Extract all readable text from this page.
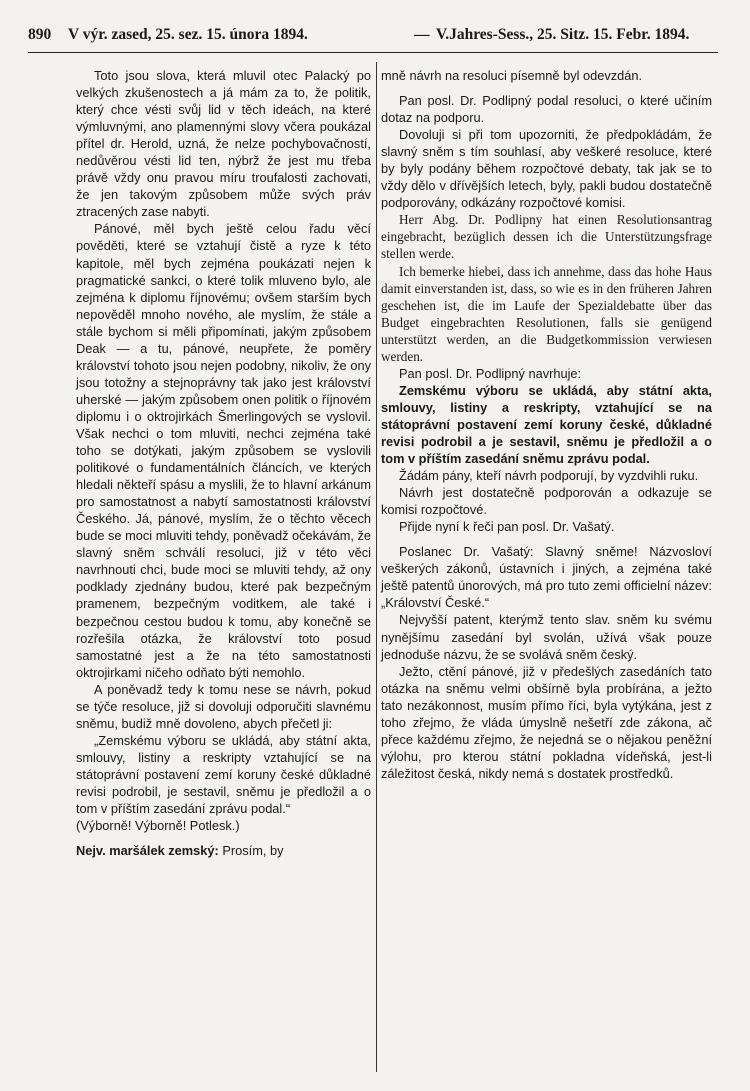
890 V výr. zased, 25. sez. 15. února 1894.	— V.Jahres-Sess., 25. Sitz. 15. Febr. 1894.

Toto jsou slova, která mluvil otec Palacký po velkých zkušenostech a já mám za to, že politik, který chce vésti svůj lid v těch ideách, na které výmluvnými, ano plamennými slovy včera poukázal přítel dr. Herold, uzná, že nelze pochybovačností, nedůvěrou vésti lid ten, nýbrž že jest mu třeba právě vždy onu pravou míru troufalosti zachovati, že jen takovým způsobem může svých práv ztracených zase nabyti.

Pánové, měl bych ještě celou řadu věcí pověděti, které se vztahují čistě a ryze k této kapitole, měl bych zejména poukázati nejen k pragmatické sankci, o které tolik mluveno bylo, ale zejména k diplomu říjnovému; ovšem starším bych nepověděl mnoho nového, ale myslím, že stále a stále bychom si měli připomínati, jakým způsobem Deak — a tu, pánové, neupřete, že poměry království tohoto jsou nejen podobny, nikoliv, že ony jsou totožny a stejnoprávny tak jako jest království uherské — jakým způsobem onen politik o říjnovém diplomu i o oktrojirkách Šmerlingových se vyslovil. Však nechci o tom mluviti, nechci zejména také toho se dotýkati, jakým způsobem se vyslovili politikové o fundamentálních článcích, ve kterých hledali někteří spásu a myslili, že to hlavní arkánum pro samostatnost a nabytí samostatnosti království Českého. Já, pánové, myslím, že o těchto věcech bude se moci mluviti tehdy, poněvadž očekávám, že slavný sněm schválí resoluci, již v této věci navrhnouti chci, bude moci se mluviti tehdy, až ony podklady zjednány budou, které pak bezpečným pramenem, bezpečným voditkem, ale také i bezpečnou cestou budou k tomu, aby konečně se rozřešila otázka, že království toto posud samostatné jest a že na této samostatnosti oktrojirkami ničeho odňato býti nemohlo.

A poněvadž tedy k tomu nese se návrh, pokud se týče resoluce, již si dovoluji odporučiti slavnému sněmu, budiž mně dovoleno, abych přečetl ji:

„Zemskému výboru se ukládá, aby státní akta, smlouvy, listiny a reskripty vztahující se na státoprávní postavení zemí koruny české důkladné revisi podrobil, je sestavil, sněmu je předložil a o tom v příštím zasedání zprávu podal.“

(Výborně! Výborně! Potlesk.)

Nejv. maršálek zemský: Prosím, by

mně návrh na resoluci písemně byl odevzdán.

Pan posl. Dr. Podlipný podal resoluci, o které učiním dotaz na podporu.

Dovoluji si při tom upozorniti, že předpokládám, že slavný sněm s tím souhlasí, aby veškeré resoluce, které by byly podány během rozpočtové debaty, tak jak se to vždy dělo v dřívějších letech, byly, pakli budou dostatečně podporovány, odkázány rozpočtové komisi.

Herr Abg. Dr. Podlipny hat einen Resolutionsantrag eingebracht, bezüglich dessen ich die Unterstützungsfrage stellen werde.

Ich bemerke hiebei, dass ich annehme, dass das hohe Haus damit einverstanden ist, dass, so wie es in den früheren Jahren geschehen ist, die im Laufe der Spezialdebatte über das Budget eingebrachten Resolutionen, falls sie genügend unterstützt werden, an die Budgetkommission verwiesen werden.

Pan posl. Dr. Podlipný navrhuje:

Zemskému výboru se ukládá, aby státní akta, smlouvy, listiny a reskripty, vztahující se na státoprávní postavení zemí koruny české, důkladné revisi podrobil a je sestavil, sněmu je předložil a o tom v příštím zasedání sněmu zprávu podal.

Žádám pány, kteří návrh podporují, by vyzdvihli ruku.

Návrh jest dostatečně podporován a odkazuje se komisi rozpočtové.

Přijde nyní k řeči pan posl. Dr. Vašatý.

Poslanec Dr. Vašatý: Slavný sněme! Názvosloví veškerých zákonů, ústavních i jiných, a zejména také ještě patentů únorových, má pro tuto zemi officielní název: „Království České.“

Nejvyšší patent, kterýmž tento slav. sněm ku svému nynějšímu zasedání byl svolán, užívá však pouze jednoduše názvu, že se svolává sněm český.

Ježto, ctění pánové, již v předešlých zasedáních tato otázka na sněmu velmi obšírně byla probírána, a ježto tato nezákonnost, musím přímo říci, byla vytýkána, jest z toho zřejmo, že vláda úmyslně nešetří zde zákona, ač přece každému zřejmo, že nejedná se o nějakou peněžní výlohu, pro kterou státní pokladna vídeňská, jest-li záležitost česká, nikdy nemá s dostatek prostředků.
